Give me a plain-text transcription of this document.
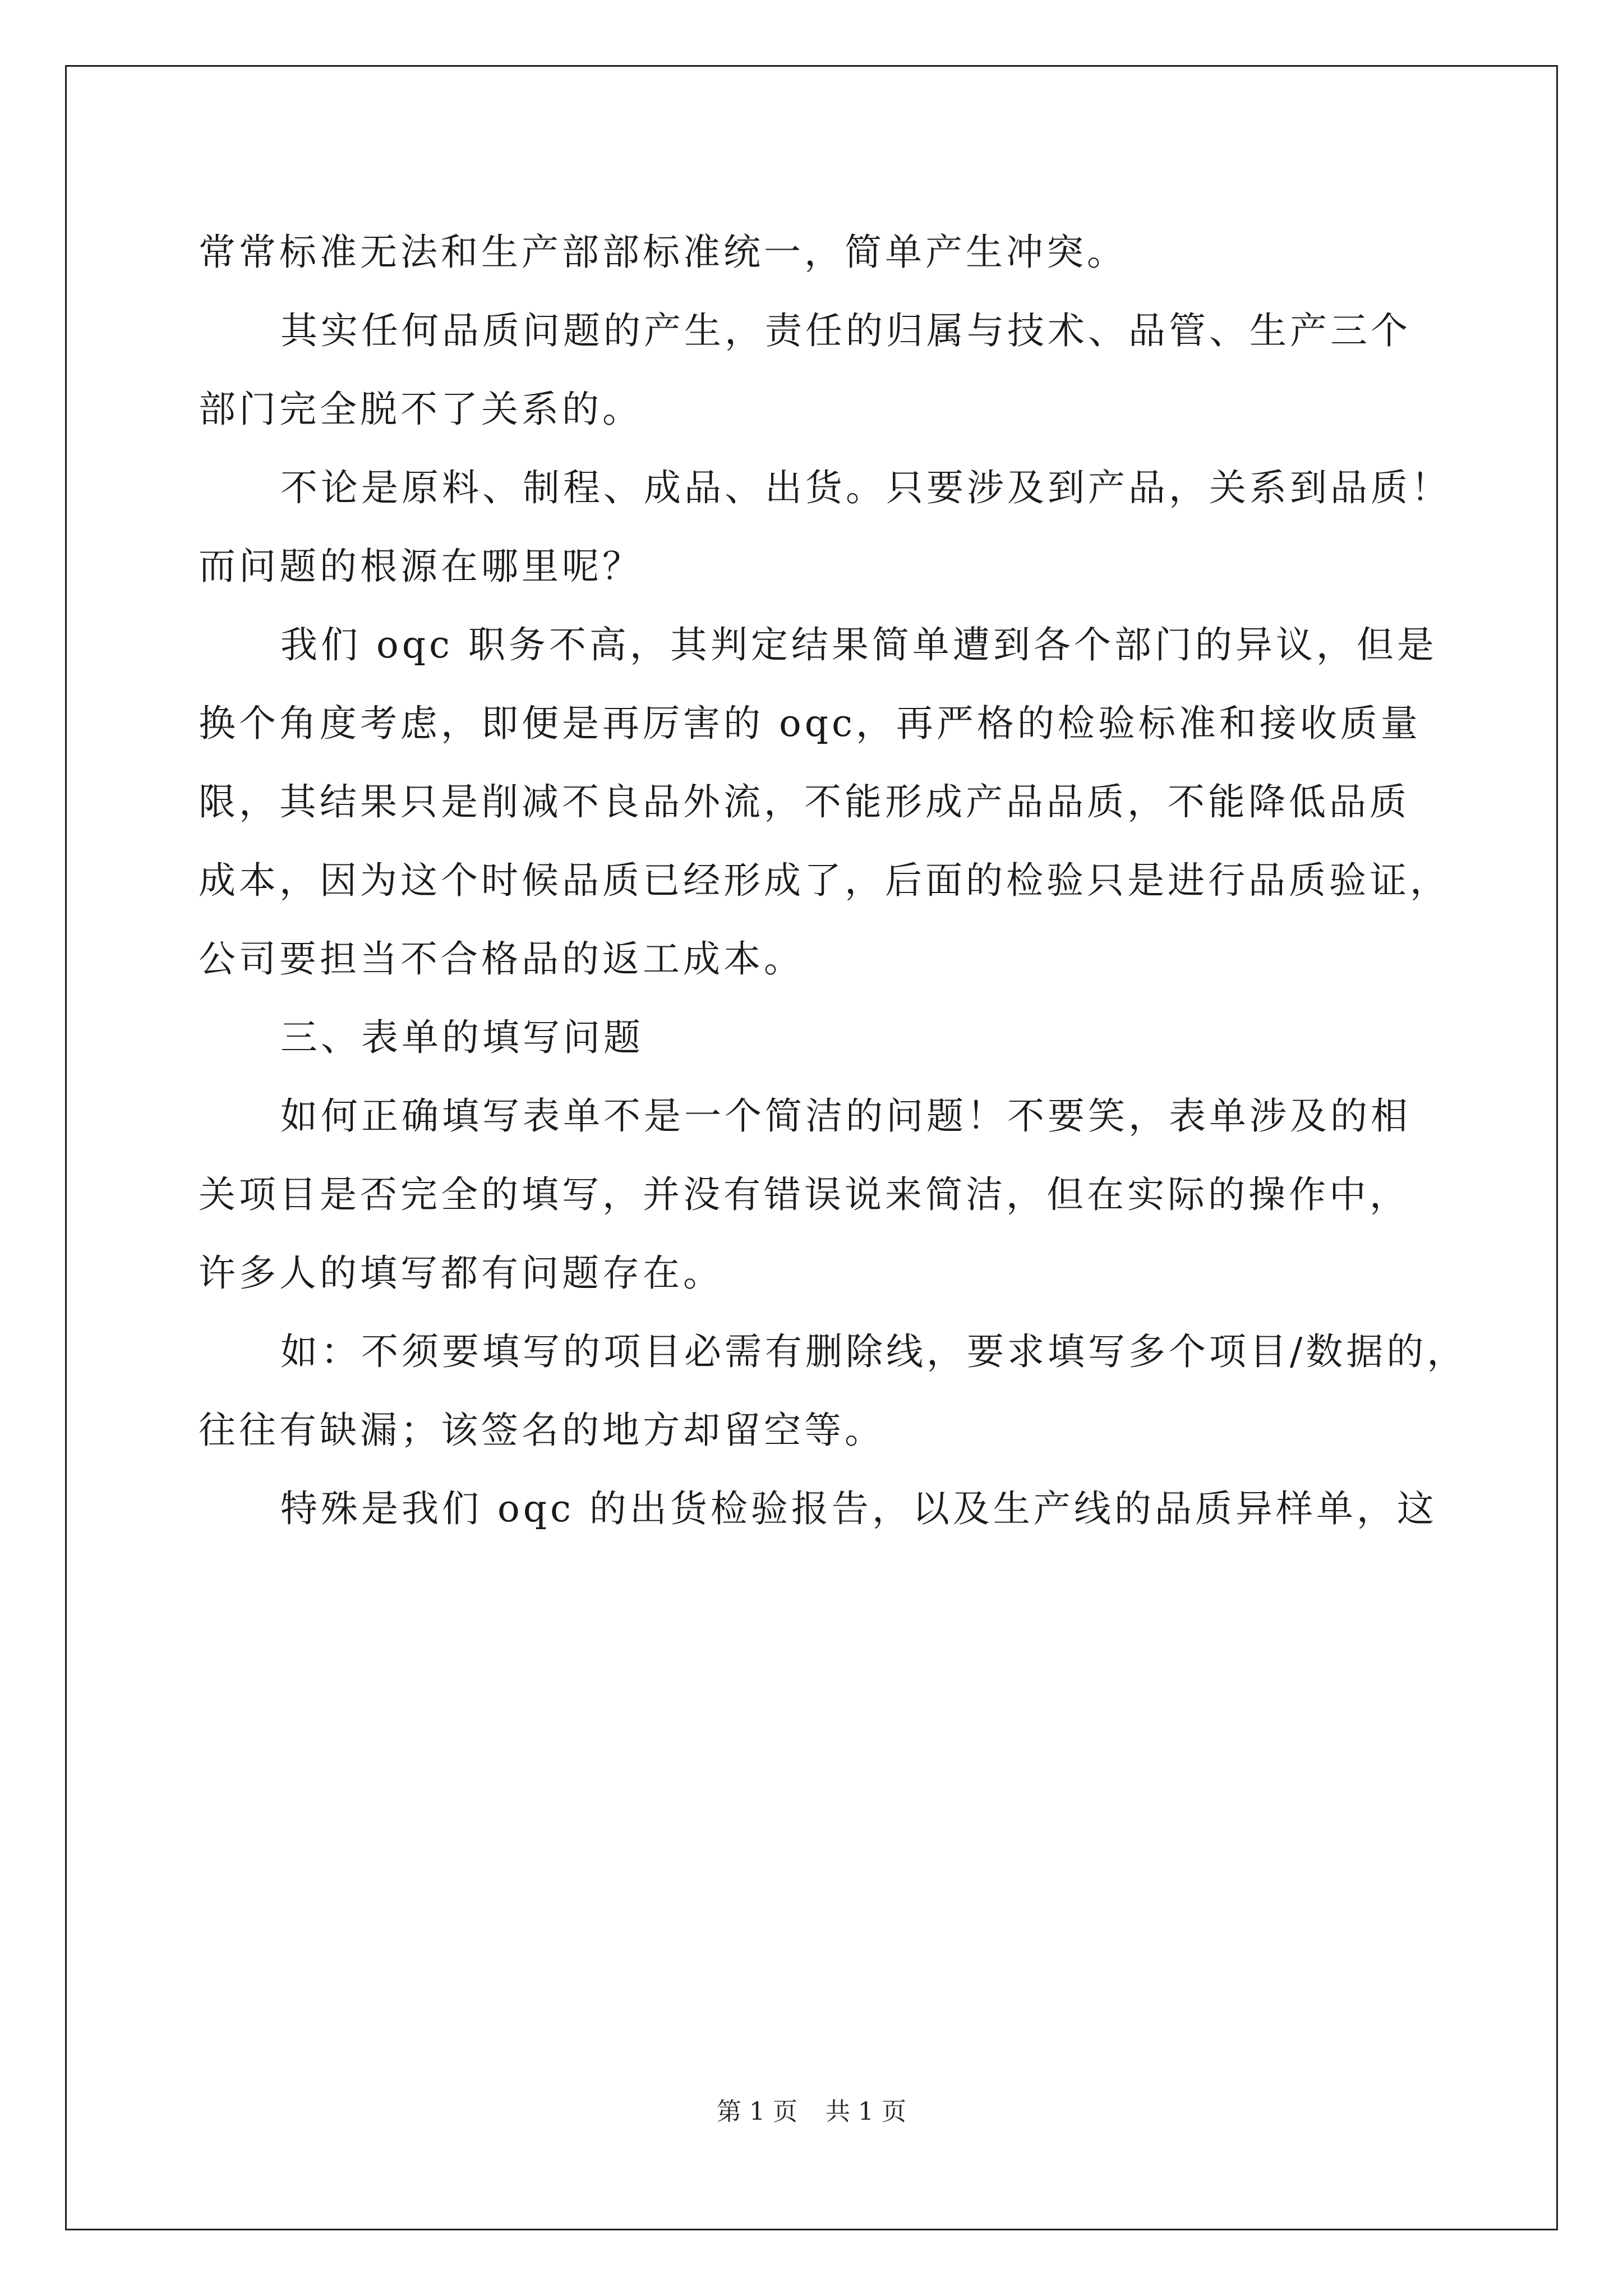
常常标准无法和生产部部标准统一，简单产生冲突。
其实任何品质问题的产生，责任的归属与技术、品管、生产三个
部门完全脱不了关系的。
不论是原料、制程、成品、出货。只要涉及到产品，关系到品质！
而问题的根源在哪里呢？
我们 oqc 职务不高，其判定结果简单遭到各个部门的异议，但是
换个角度考虑，即便是再厉害的 oqc，再严格的检验标准和接收质量
限，其结果只是削减不良品外流，不能形成产品品质，不能降低品质
成本，因为这个时候品质已经形成了，后面的检验只是进行品质验证，
公司要担当不合格品的返工成本。
三、表单的填写问题
如何正确填写表单不是一个简洁的问题！不要笑，表单涉及的相
关项目是否完全的填写，并没有错误说来简洁，但在实际的操作中，
许多人的填写都有问题存在。
如：不须要填写的项目必需有删除线，要求填写多个项目/数据的，
往往有缺漏；该签名的地方却留空等。
特殊是我们 oqc 的出货检验报告，以及生产线的品质异样单，这
第 1 页 共 1 页
